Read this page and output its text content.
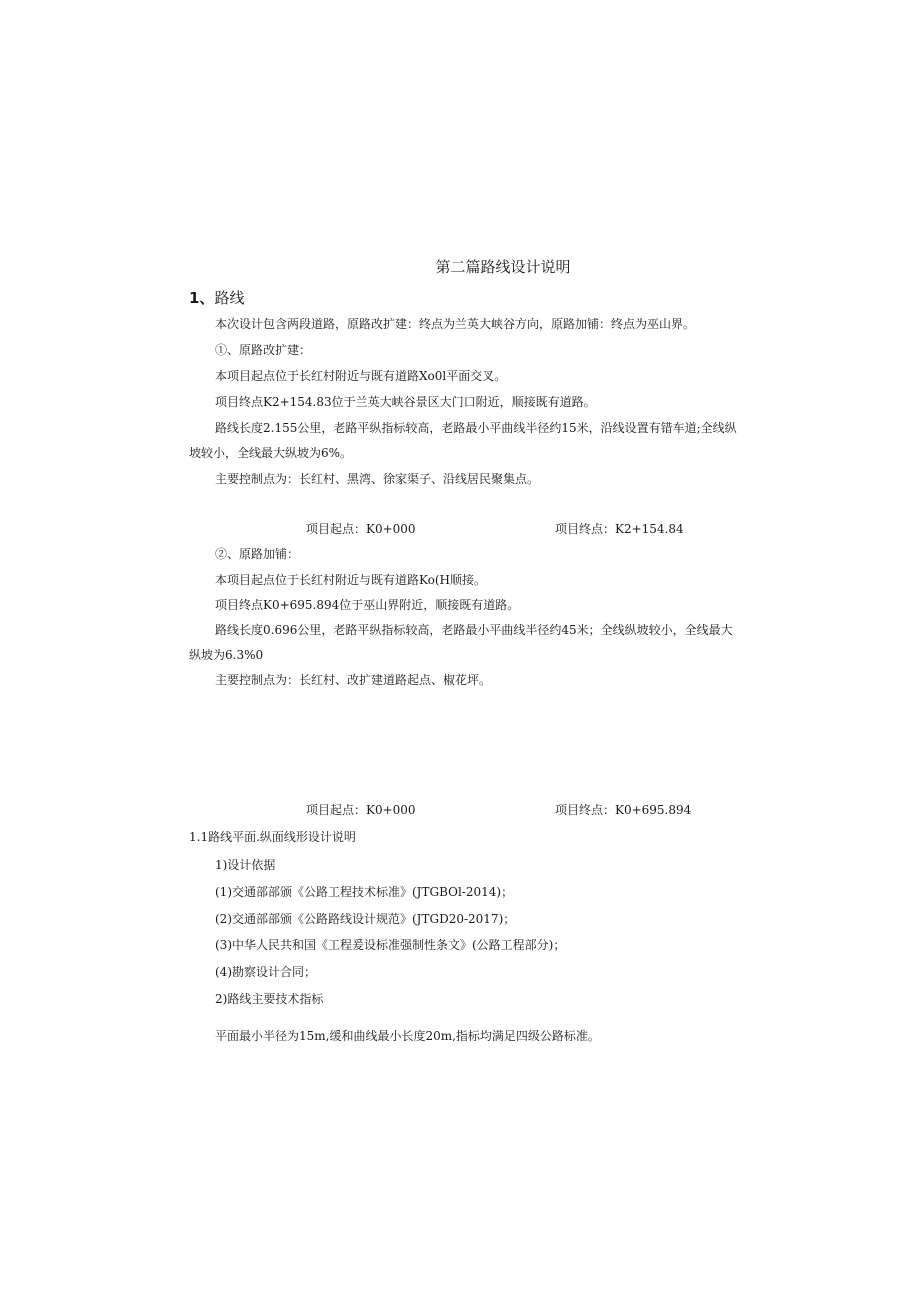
第二篇路线设计说明
1、路线
本次设计包含两段道路，原路改扩建：终点为兰英大峡谷方向，原路加铺：终点为巫山界。
①、原路改扩建：
本项目起点位于长红村附近与既有道路Xo0l平面交叉。
项目终点K2+154.83位于兰英大峡谷景区大门口附近，顺接既有道路。
路线长度2.155公里，老路平纵指标较高，老路最小平曲线半径约15米，沿线设置有错车道;全线纵
坡较小，全线最大纵坡为6%。
主要控制点为：长红村、黑湾、徐家渠子、沿线居民聚集点。
项目起点：K0+000	项目终点：K2+154.84
②、原路加铺：
本项目起点位于长红村附近与既有道路Ko(H顺接。
项目终点K0+695.894位于巫山界附近，顺接既有道路。
路线长度0.696公里，老路平纵指标较高，老路最小平曲线半径约45米；全线纵坡较小，全线最大
纵坡为6.3%0
主要控制点为：长红村、改扩建道路起点、椒花坪。
项目起点：K0+000	项目终点：K0+695.894
1.1路线平面.纵面线形设计说明
1)设计依据
(1)交通部部颁《公路工程技术标准》(JTGBOl-2014)；
(2)交通部部颁《公路路线设计规范》(JTGD20-2017)；
(3)中华人民共和国《工程爰设标准强制性条文》(公路工程部分)；
(4)勘察设计合同；
2)路线主要技术指标
平面最小半径为15m,缓和曲线最小长度20m,指标均满足四级公路标准。
